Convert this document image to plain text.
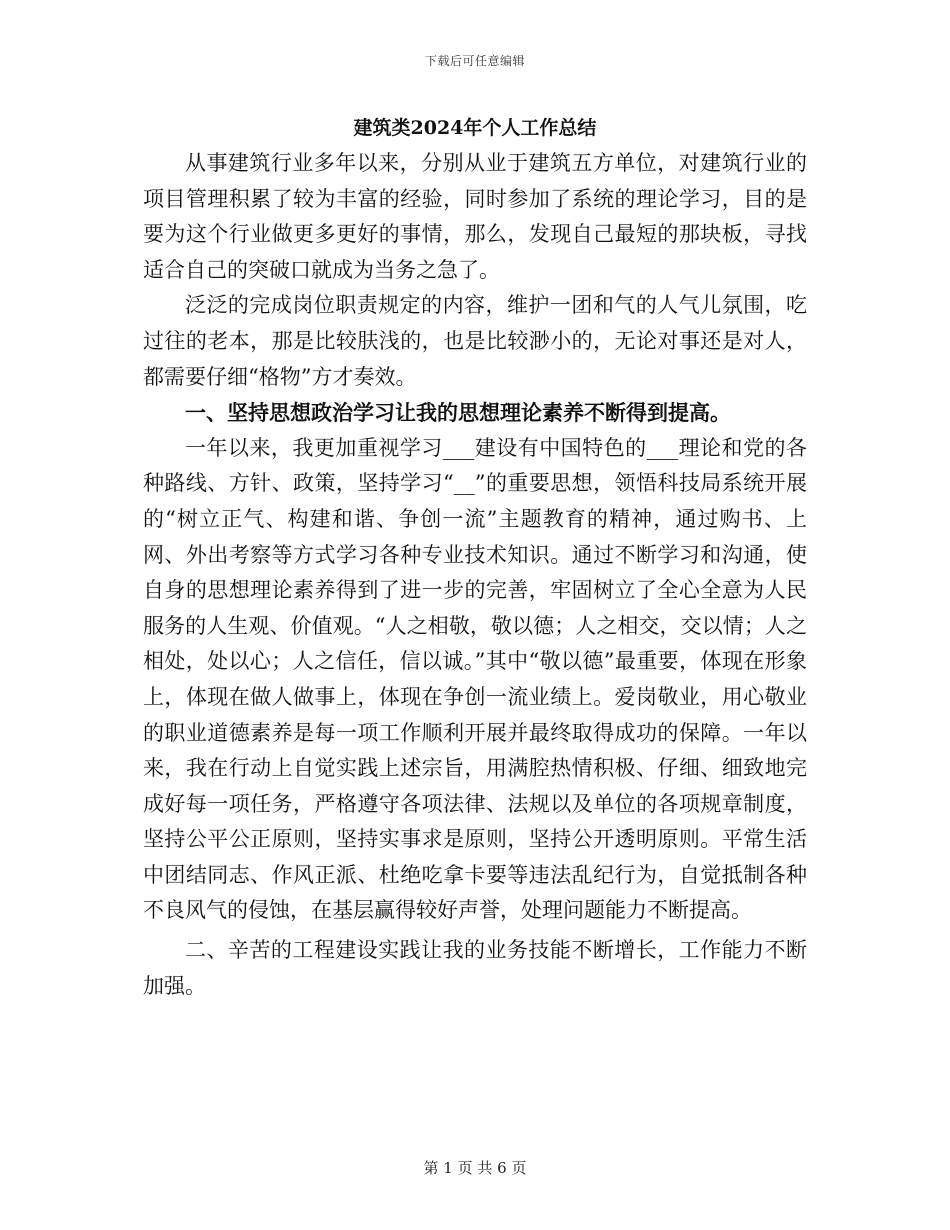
下载后可任意编辑
建筑类2024年个人工作总结

从事建筑行业多年以来，分别从业于建筑五方单位，对建筑行业的项目管理积累了较为丰富的经验，同时参加了系统的理论学习，目的是要为这个行业做更多更好的事情，那么，发现自己最短的那块板，寻找适合自己的突破口就成为当务之急了。

泛泛的完成岗位职责规定的内容，维护一团和气的人气儿氛围，吃过往的老本，那是比较肤浅的，也是比较渺小的，无论对事还是对人，都需要仔细“格物”方才奏效。

一、坚持思想政治学习让我的思想理论素养不断得到提高。

一年以来，我更加重视学习___建设有中国特色的___理论和党的各种路线、方针、政策，坚持学习“__”的重要思想，领悟科技局系统开展的“树立正气、构建和谐、争创一流”主题教育的精神，通过购书、上网、外出考察等方式学习各种专业技术知识。通过不断学习和沟通，使自身的思想理论素养得到了进一步的完善，牢固树立了全心全意为人民服务的人生观、价值观。“人之相敬，敬以德；人之相交，交以情；人之相处，处以心；人之信任，信以诚。”其中“敬以德”最重要，体现在形象上，体现在做人做事上，体现在争创一流业绩上。爱岗敬业，用心敬业的职业道德素养是每一项工作顺利开展并最终取得成功的保障。一年以来，我在行动上自觉实践上述宗旨，用满腔热情积极、仔细、细致地完成好每一项任务，严格遵守各项法律、法规以及单位的各项规章制度，坚持公平公正原则，坚持实事求是原则，坚持公开透明原则。平常生活中团结同志、作风正派、杜绝吃拿卡要等违法乱纪行为，自觉抵制各种不良风气的侵蚀，在基层赢得较好声誉，处理问题能力不断提高。

二、辛苦的工程建设实践让我的业务技能不断增长，工作能力不断加强。

第 1 页 共 6 页
